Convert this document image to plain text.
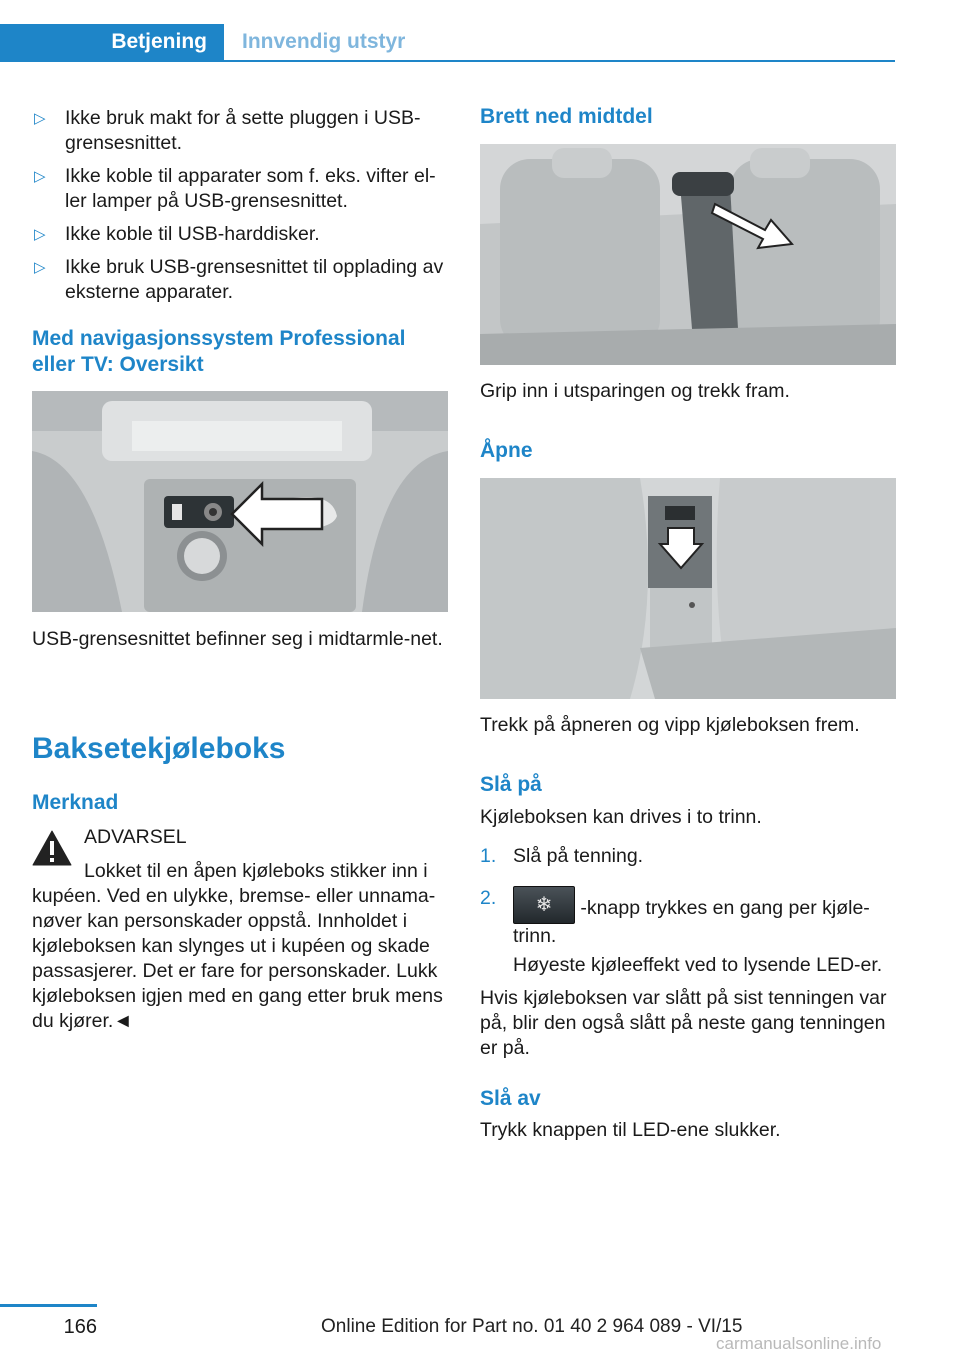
Betjening	Innvendig utstyr
▷ Ikke bruk makt for å sette pluggen i USB-grensesnittet.
▷ Ikke koble til apparater som f. eks. vifter el-ler lamper på USB-grensesnittet.
▷ Ikke koble til USB-harddisker.
▷ Ikke bruk USB-grensesnittet til opplading av eksterne apparater.
Med navigasjonssystem Professional eller TV: Oversikt
USB-grensesnittet befinner seg i midtarmle-net.
Baksetekjøleboks
Merknad
ADVARSEL
Lokket til en åpen kjøleboks stikker inn i kupéen. Ved en ulykke, bremse- eller unnama-nøver kan personskader oppstå. Innholdet i kjøleboksen kan slynges ut i kupéen og skade passasjerer. Det er fare for personskader. Lukk kjøleboksen igjen med en gang etter bruk mens du kjører.◄
Brett ned midtdel
Grip inn i utsparingen og trekk fram.
Åpne
Trekk på åpneren og vipp kjøleboksen frem.
Slå på
Kjøleboksen kan drives i to trinn.
1. Slå på tenning.
2.	❄	-knapp trykkes en gang per kjøle-trinn.
Høyeste kjøleeffekt ved to lysende LED-er.
Hvis kjøleboksen var slått på sist tenningen var på, blir den også slått på neste gang tenningen er på.
Slå av
Trykk knappen til LED-ene slukker.
166	Online Edition for Part no. 01 40 2 964 089 - VI/15
carmanualsonline.info
